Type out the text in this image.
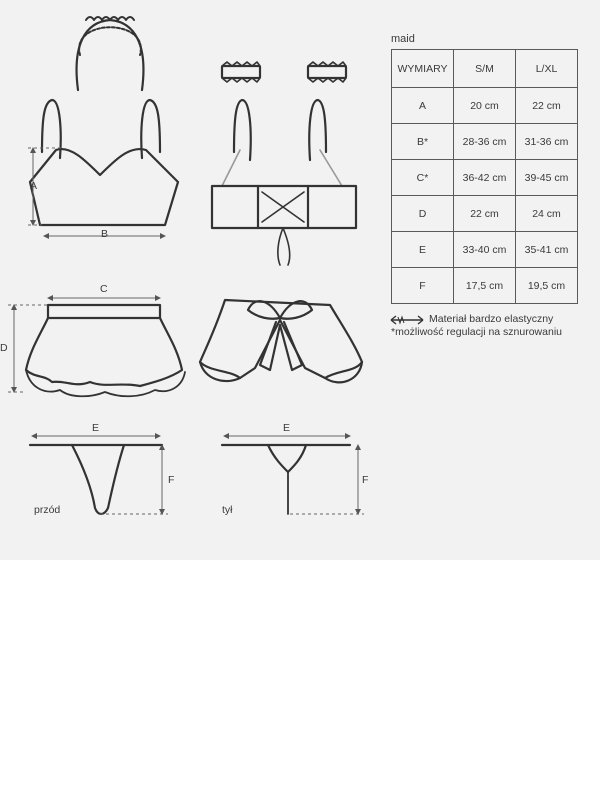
A
B
C
D
E
F
E
F
przód	tył
maid
WYMIARY	S/M	L/XL
A	20 cm	22 cm
B*	28-36 cm	31-36 cm
C*	36-42 cm	39-45 cm
D	22 cm	24 cm
E	33-40 cm	35-41 cm
F	17,5 cm	19,5 cm
Materiał bardzo elastyczny
*możliwość regulacji na sznurowaniu
